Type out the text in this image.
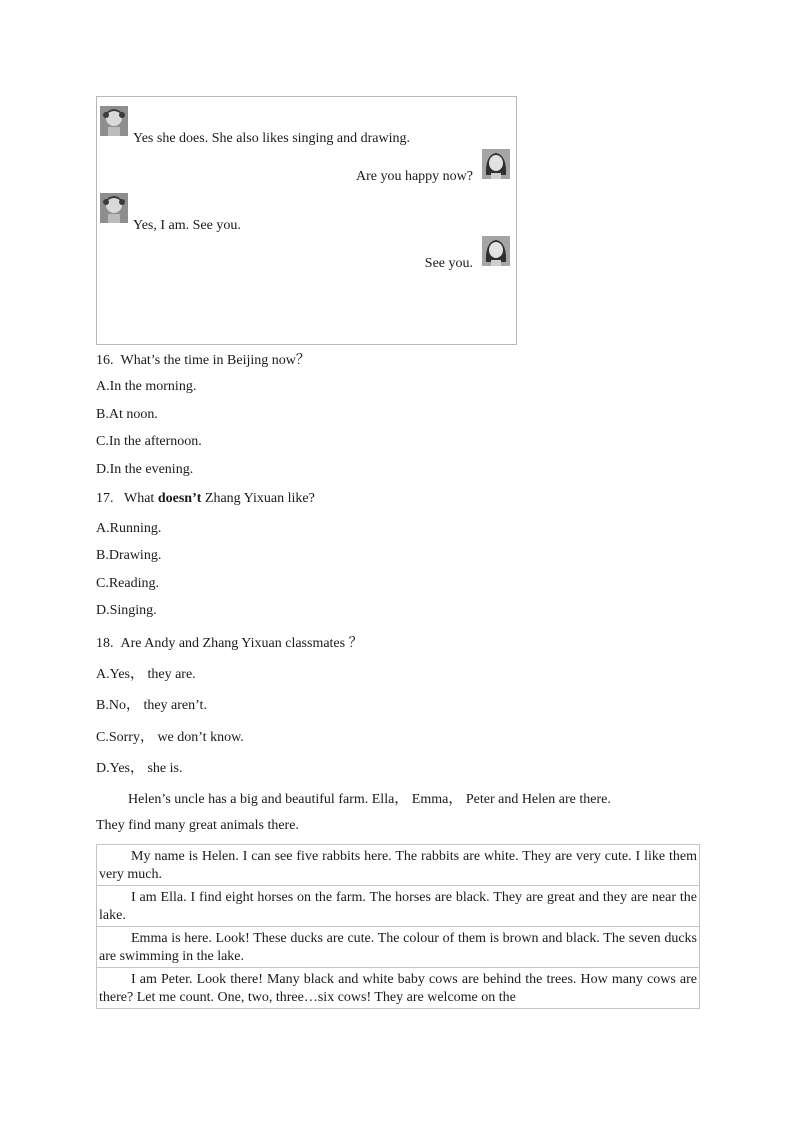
Yes she does. She also likes singing and drawing.
Are you happy now?
Yes, I am. See you.
See you.
16. What’s the time in Beijing now？
A.In the morning.
B.At noon.
C.In the afternoon.
D.In the evening.
17. What doesn’t Zhang Yixuan like?
A.Running.
B.Drawing.
C.Reading.
D.Singing.
18. Are Andy and Zhang Yixuan classmates ？
A.Yes， they are.
B.No， they aren’t.
C.Sorry， we don’t know.
D.Yes， she is.
Helen’s uncle has a big and beautiful farm. Ella， Emma， Peter and Helen are there.
They find many great animals there.
My name is Helen. I can see five rabbits here. The rabbits are white. They are very cute. I like them very much.
I am Ella. I find eight horses on the farm. The horses are black. They are great and they are near the lake.
Emma is here. Look! These ducks are cute. The colour of them is brown and black. The seven ducks are swimming in the lake.
I am Peter. Look there! Many black and white baby cows are behind the trees. How many cows are there? Let me count. One, two, three…six cows! They are welcome on the
